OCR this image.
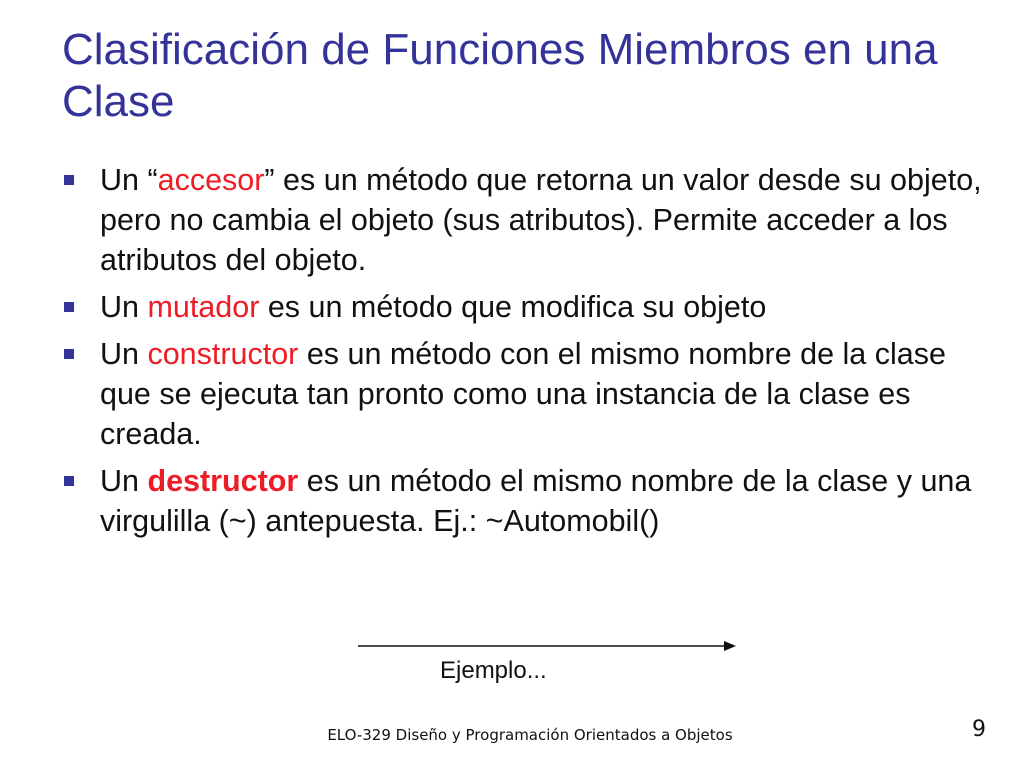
Clasificación de Funciones Miembros en una Clase
Un “accesor” es un método que retorna un valor desde su objeto, pero no cambia el objeto (sus atributos). Permite acceder a los atributos del objeto.
Un mutador es un método que modifica su objeto
Un constructor es un método con el mismo nombre de la clase que se ejecuta tan pronto como una instancia de la clase es creada.
Un destructor es un método el mismo nombre de la clase y una virgulilla (~) antepuesta. Ej.: ~Automobil()
Ejemplo...
ELO-329 Diseño y Programación Orientados a Objetos	9
